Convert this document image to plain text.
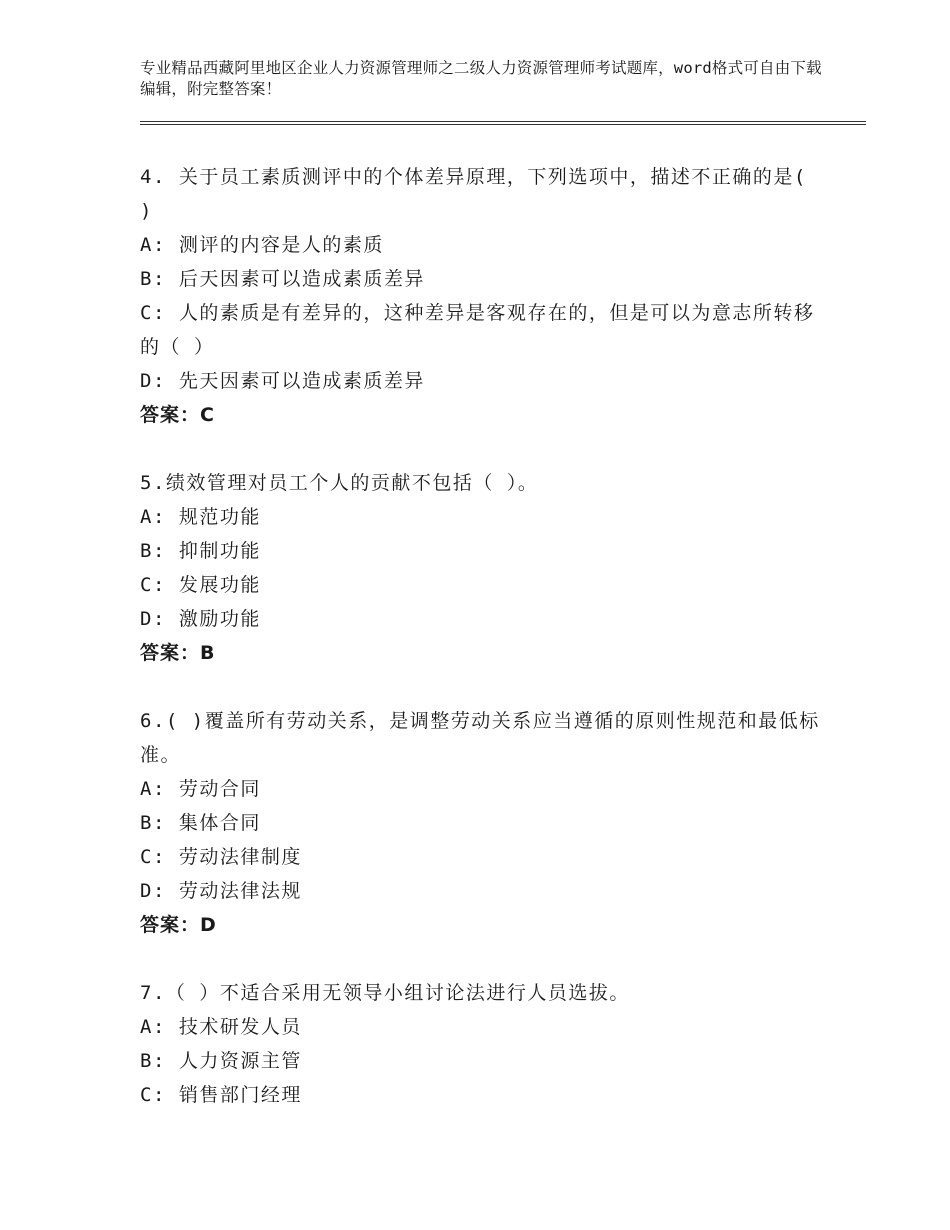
专业精品西藏阿里地区企业人力资源管理师之二级人力资源管理师考试题库，word格式可自由下载编辑，附完整答案！

4. 关于员工素质测评中的个体差异原理，下列选项中，描述不正确的是( )

A: 测评的内容是人的素质

B: 后天因素可以造成素质差异

C: 人的素质是有差异的，这种差异是客观存在的，但是可以为意志所转移的（ ）

D: 先天因素可以造成素质差异

答案：C

5.绩效管理对员工个人的贡献不包括（ ）。

A: 规范功能

B: 抑制功能

C: 发展功能

D: 激励功能

答案：B

6.( )覆盖所有劳动关系，是调整劳动关系应当遵循的原则性规范和最低标准。

A: 劳动合同

B: 集体合同

C: 劳动法律制度

D: 劳动法律法规

答案：D

7.（ ）不适合采用无领导小组讨论法进行人员选拔。

A: 技术研发人员

B: 人力资源主管

C: 销售部门经理
